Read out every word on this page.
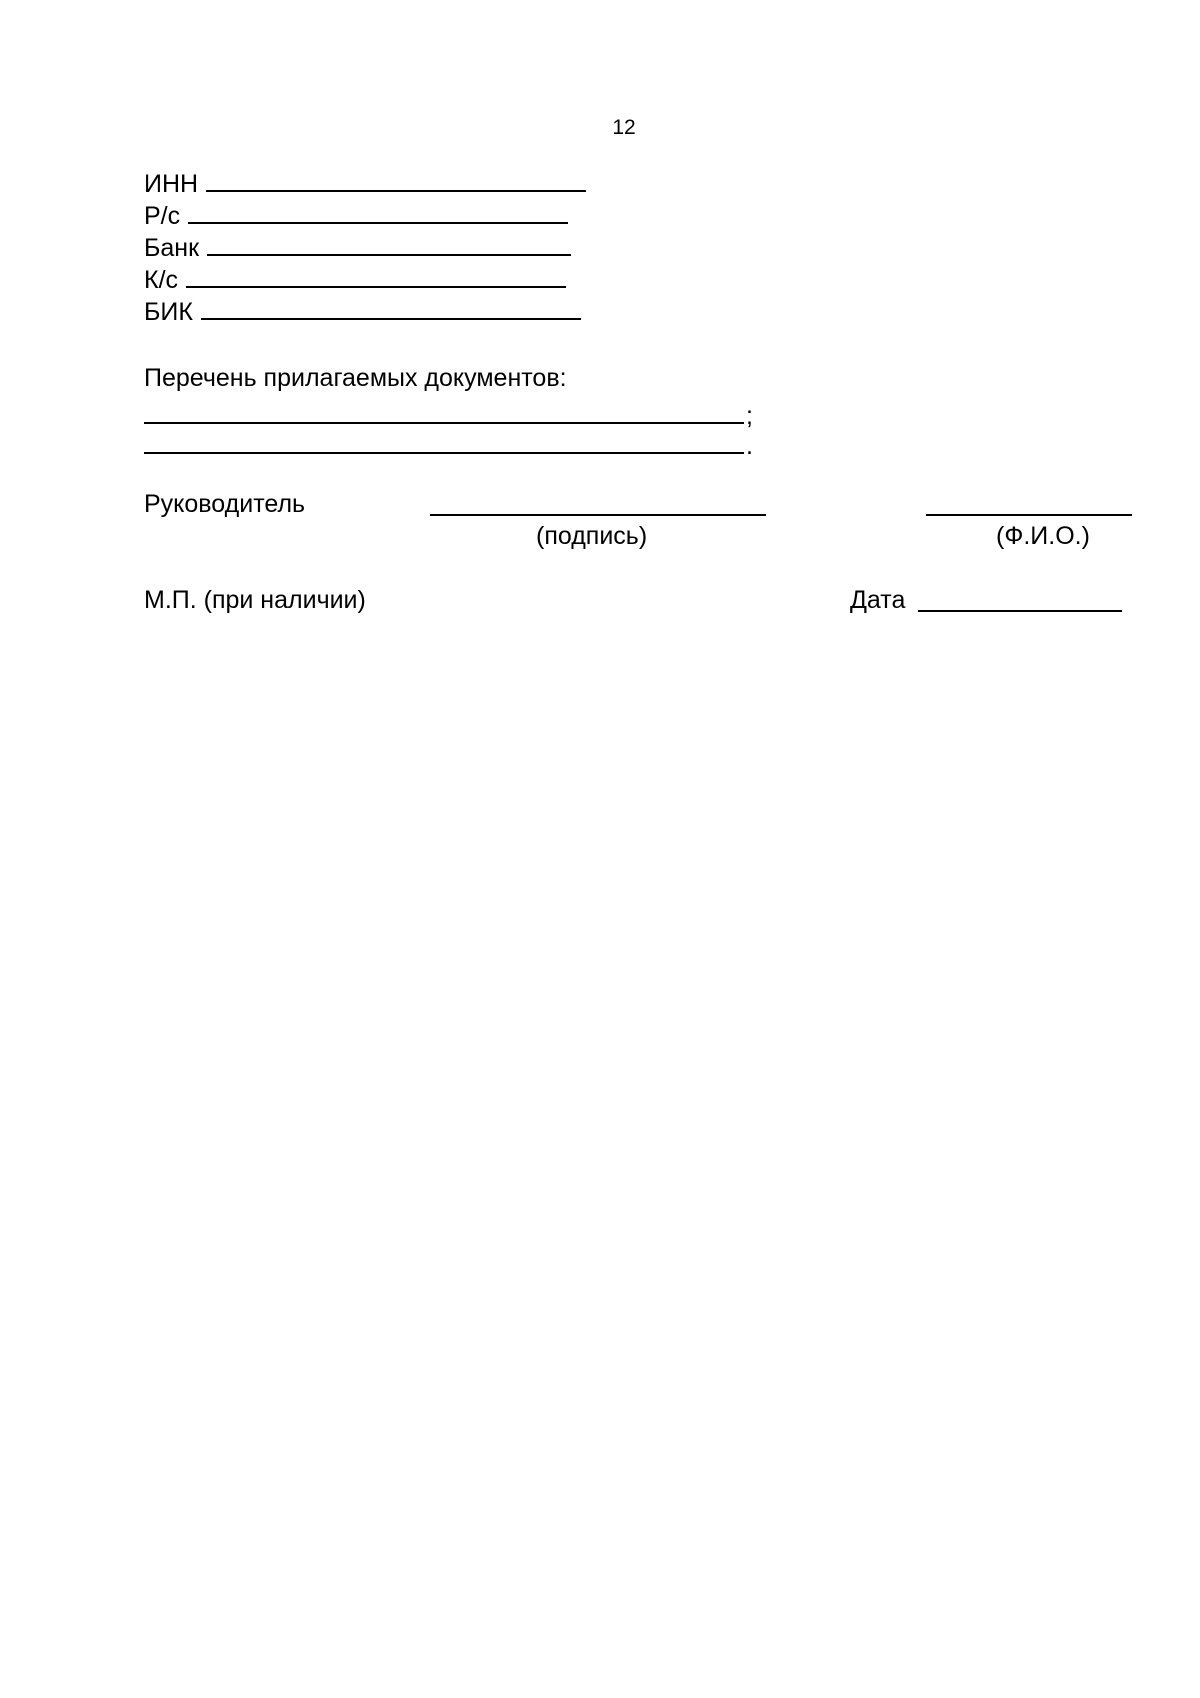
12
ИНН
Р/с
Банк
К/с
БИК
Перечень прилагаемых документов:
;
.
Руководитель
(подпись)	(Ф.И.О.)
М.П. (при наличии)	Дата
